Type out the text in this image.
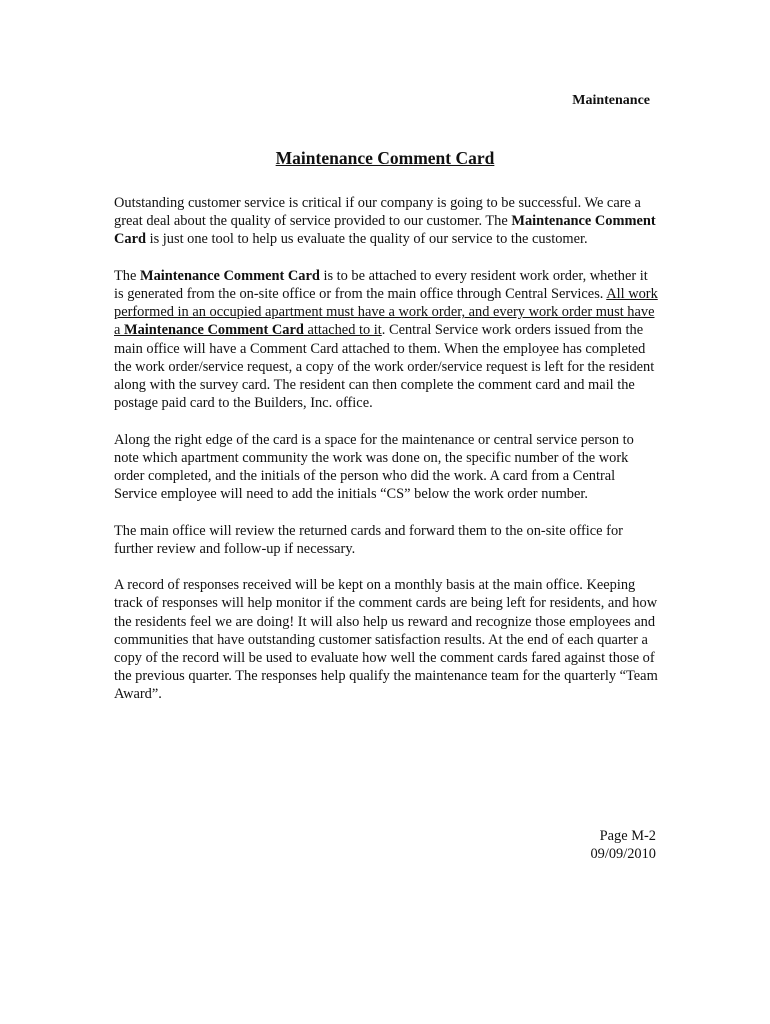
Maintenance
Maintenance Comment Card

Outstanding customer service is critical if our company is going to be successful. We care a great deal about the quality of service provided to our customer. The Maintenance Comment Card is just one tool to help us evaluate the quality of our service to the customer.

The Maintenance Comment Card is to be attached to every resident work order, whether it is generated from the on-site office or from the main office through Central Services. All work performed in an occupied apartment must have a work order, and every work order must have a Maintenance Comment Card attached to it. Central Service work orders issued from the main office will have a Comment Card attached to them. When the employee has completed the work order/service request, a copy of the work order/service request is left for the resident along with the survey card. The resident can then complete the comment card and mail the postage paid card to the Builders, Inc. office.

Along the right edge of the card is a space for the maintenance or central service person to note which apartment community the work was done on, the specific number of the work order completed, and the initials of the person who did the work. A card from a Central Service employee will need to add the initials “CS” below the work order number.

The main office will review the returned cards and forward them to the on-site office for further review and follow-up if necessary.

A record of responses received will be kept on a monthly basis at the main office. Keeping track of responses will help monitor if the comment cards are being left for residents, and how the residents feel we are doing! It will also help us reward and recognize those employees and communities that have outstanding customer satisfaction results. At the end of each quarter a copy of the record will be used to evaluate how well the comment cards fared against those of the previous quarter. The responses help qualify the maintenance team for the quarterly “Team Award”.

Page M-2
09/09/2010
